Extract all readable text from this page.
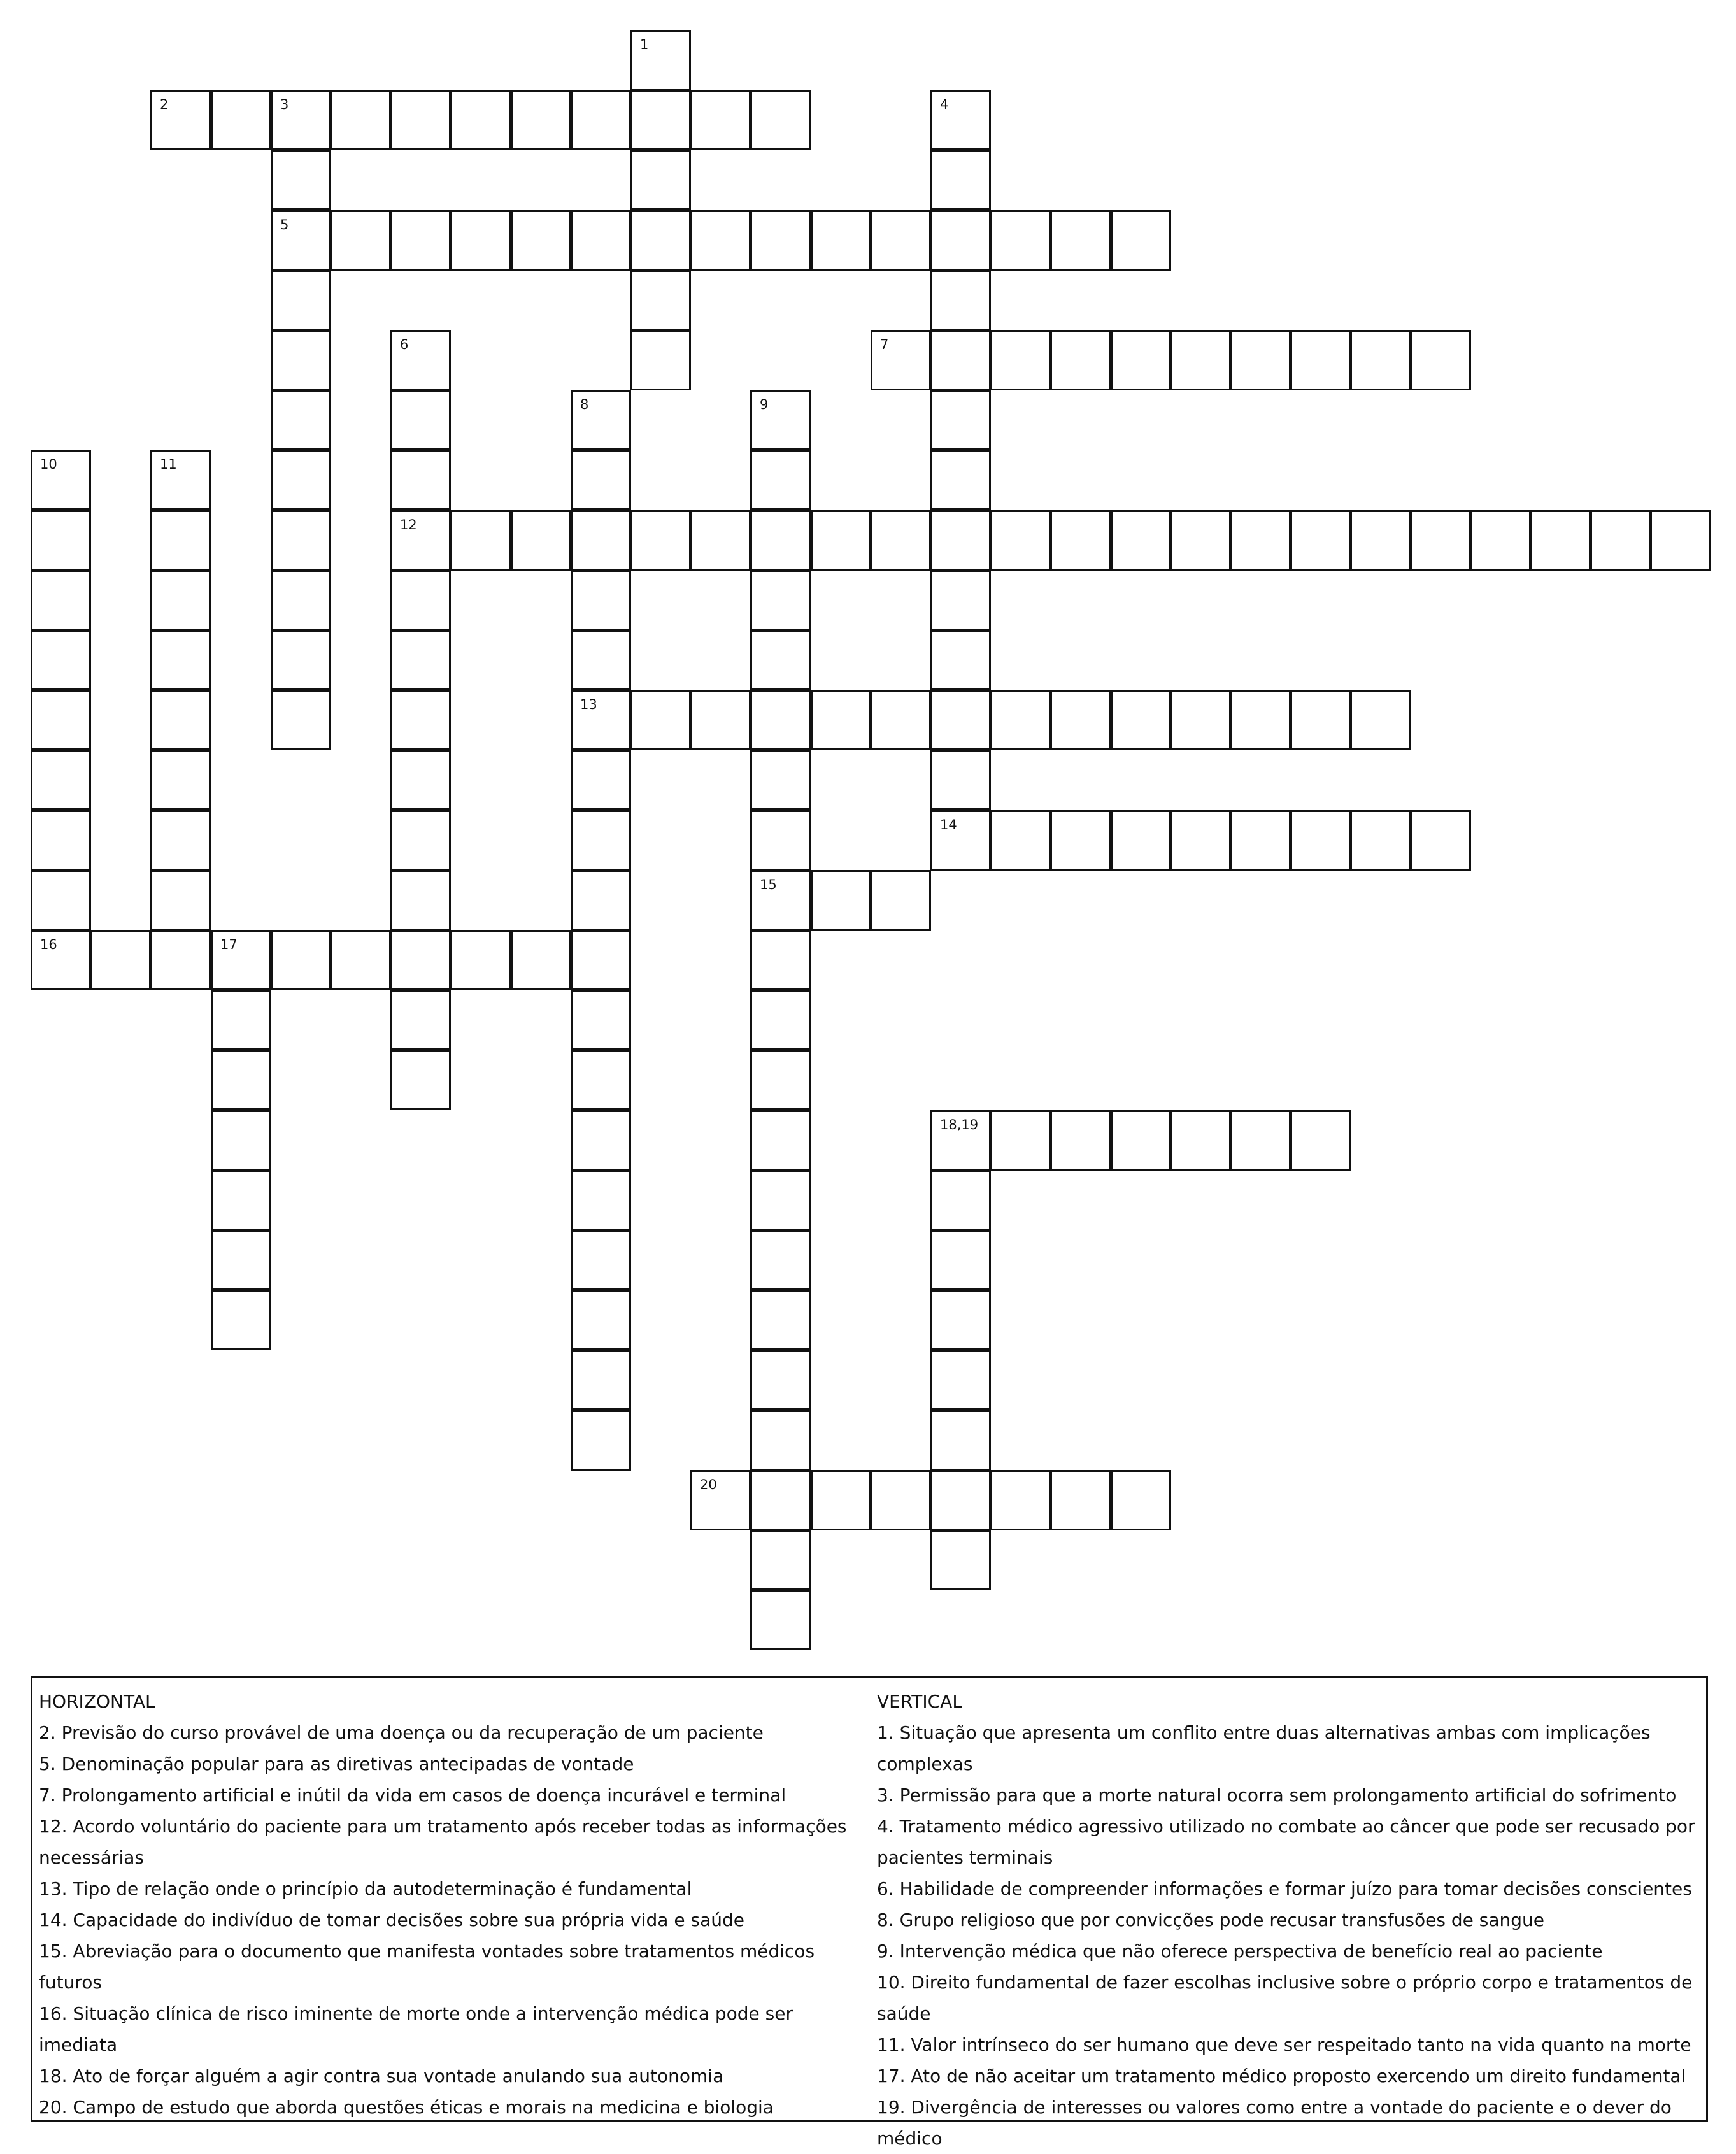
2	3
5
7
12
13
14
15
16	17
18,19
20
1
4
6
8	9
10	11

HORIZONTAL

2. Previsão do curso provável de uma doença ou da recuperação de um paciente

5. Denominação popular para as diretivas antecipadas de vontade

7. Prolongamento artificial e inútil da vida em casos de doença incurável e terminal

12. Acordo voluntário do paciente para um tratamento após receber todas as informações

necessárias

13. Tipo de relação onde o princípio da autodeterminação é fundamental

14. Capacidade do indivíduo de tomar decisões sobre sua própria vida e saúde

15. Abreviação para o documento que manifesta vontades sobre tratamentos médicos futuros

16. Situação clínica de risco iminente de morte onde a intervenção médica pode ser imediata

18. Ato de forçar alguém a agir contra sua vontade anulando sua autonomia

20. Campo de estudo que aborda questões éticas e morais na medicina e biologia

VERTICAL

1. Situação que apresenta um conflito entre duas alternativas ambas com implicações complexas

3. Permissão para que a morte natural ocorra sem prolongamento artificial do sofrimento

4. Tratamento médico agressivo utilizado no combate ao câncer que pode ser recusado por

pacientes terminais

6. Habilidade de compreender informações e formar juízo para tomar decisões conscientes

8. Grupo religioso que por convicções pode recusar transfusões de sangue

9. Intervenção médica que não oferece perspectiva de benefício real ao paciente

10. Direito fundamental de fazer escolhas inclusive sobre o próprio corpo e tratamentos de

saúde

11. Valor intrínseco do ser humano que deve ser respeitado tanto na vida quanto na morte

17. Ato de não aceitar um tratamento médico proposto exercendo um direito fundamental

19. Divergência de interesses ou valores como entre a vontade do paciente e o dever do médico
